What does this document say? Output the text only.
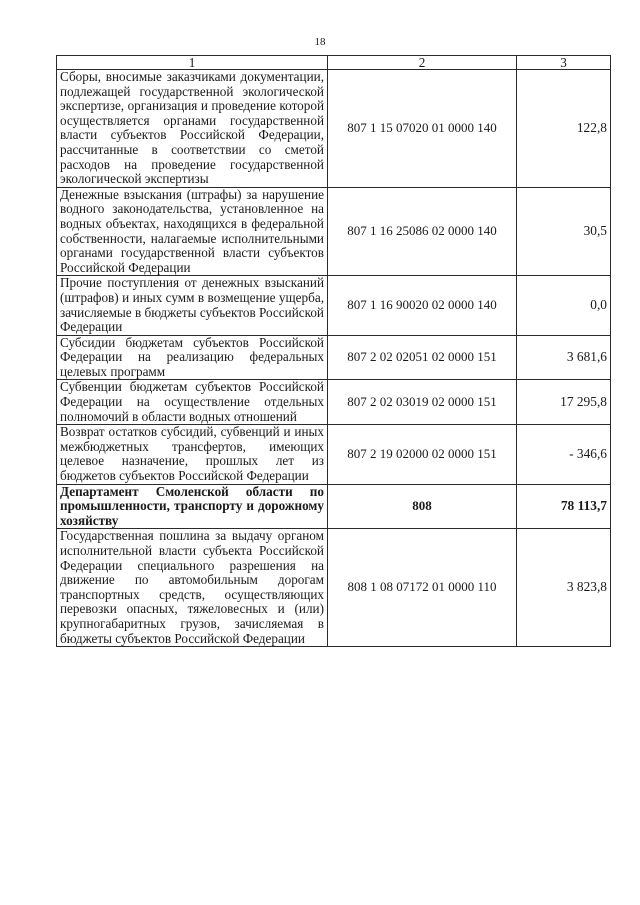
18
1	2	3
Сборы, вносимые заказчиками документации, подлежащей государственной экологической экспертизе, организация и проведение которой осуществляется органами государственной власти субъектов Российской Федерации, рассчитанные в соответствии со сметой расходов на проведение государственной экологической экспертизы	807 1 15 07020 01 0000 140	122,8
Денежные взыскания (штрафы) за нарушение водного законодательства, установленное на водных объектах, находящихся в федеральной собственности, налагаемые исполнительными органами государственной власти субъектов Российской Федерации	807 1 16 25086 02 0000 140	30,5
Прочие поступления от денежных взысканий (штрафов) и иных сумм в возмещение ущерба, зачисляемые в бюджеты субъектов Российской Федерации	807 1 16 90020 02 0000 140	0,0
Субсидии бюджетам субъектов Российской Федерации на реализацию федеральных целевых программ	807 2 02 02051 02 0000 151	3 681,6
Субвенции бюджетам субъектов Российской Федерации на осуществление отдельных полномочий в области водных отношений	807 2 02 03019 02 0000 151	17 295,8
Возврат остатков субсидий, субвенций и иных межбюджетных трансфертов, имеющих целевое назначение, прошлых лет из бюджетов субъектов Российской Федерации	807 2 19 02000 02 0000 151	- 346,6
Департамент Смоленской области по промышленности, транспорту и дорожному хозяйству	808	78 113,7
Государственная пошлина за выдачу органом исполнительной власти субъекта Российской Федерации специального разрешения на движение по автомобильным дорогам транспортных средств, осуществляющих перевозки опасных, тяжеловесных и (или) крупногабаритных грузов, зачисляемая в бюджеты субъектов Российской Федерации	808 1 08 07172 01 0000 110	3 823,8
